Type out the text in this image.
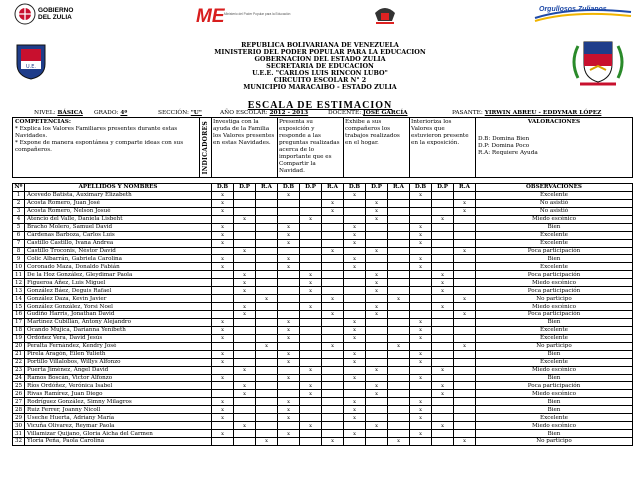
GOBIERNO DEL ZULIA	ME Ministerio del Poder Popular para la Educación
Orgullosos Zulianos
U.E.
REPUBLICA BOLIVARIANA DE VENEZUELA
MINISTERIO DEL PODER POPULAR PARA LA EDUCACION
GOBERNACION DEL ESTADO ZULIA
SECRETARIA DE EDUCACION
U.E.E. "CARLOS LUIS RINCON LUBO"
CIRCUITO ESCOLAR N° 2
MUNICIPIO MARACAIBO - ESTADO ZULIA
ESCALA DE ESTIMACION
NIVEL: BÁSICA GRADO: 4º	SECCIÓN: "U"	AÑO ESCOLAR: 2012 - 2013	DOCENTE: JOSÉ GARCÍA	PASANTE: YIRWIN ABREU - EDDYMAR LÓPEZ
COMPETENCIAS:
* Explica los Valores Familiares presentes durante estas Navidades.
* Expone de manera espontánea y comparte ideas con sus compañeros.	INDICADORES	Investiga con la ayuda de la Familia los Valores presentes en estas Navidades.	Presenta su exposición y responde a las preguntas realizadas acerca de lo importante que es Compartir la Navidad.	Exhibe a sus compañeros los trabajos realizados en el hogar.	Interioriza los Valores que estuvieron presente en la exposición.	
VALORACIONES
D.B: Domina Bien
D.P: Domina Poco
R.A: Requiere Ayuda
Nº	APELLIDOS Y NOMBRES	D.B	D.P	R.A	D.B	D.P	R.A	D.B	D.P	R.A	D.B	D.P	R.A	OBSERVACIONES
1	Acevedo Batista, Auximary Elizabeth	x			x			x			x			Excelente
2	Acosta Romero, Juan José	x					x		x				x	No asistió
3	Acosta Romero, Nelson Josué	x					x		x				x	No asistió
4	Atencio del Valle, Daniela Lisbeht		x			x			x			x		Miedo escénico
5	Bracho Molero, Samuel David	x			x			x			x			Bien
6	Cárdenas Barboza, Carlos Luis	x			x			x			x			Excelente
7	Castillo Castillo, Ivana Andrea	x			x			x			x			Excelente
8	Castillo Troconis, Néstor David		x				x		x				x	Poca participación
9	Colic Albarrán, Gabriela Carolina	x			x			x			x			Bien
10	Coronado Maza, Donaldo Fabián	x			x			x			x			Excelente
11	De la Hoz González, Gleydimar Paola		x			x			x			x		Poca participación
12	Figueroa Añez, Luis Miguel		x			x			x			x		Miedo escénico
13	González Báez, Deguis Rafael		x			x			x			x		Poca participación
14	González Daza, Kevin Javier			x			x			x			x	No participo
15	González González, Yorsi Noel		x			x			x			x		Miedo escénico
16	Gudiño Harris, Jonathan David		x				x		x				x	Poca participación
17	Martínez Cubillán, Antony Alejandro	x			x			x			x			Bien
18	Ocando Mujica, Darianna Yenibeth	x			x			x			x			Excelente
19	Ordóñez Vera, David Jesús	x			x			x			x			Excelente
20	Peralta Fernández, Kendry José			x			x			x			x	No participo
21	Pirela Aragón, Eilen Yulieth	x			x			x			x			Bien
22	Portillo Villalobos, Willys Alfonzo	x			x			x			x			Excelente
23	Puerta Jiménez, Ángel David		x			x			x			x		Miedo escénico
24	Ramos Boscán, Victor Alfonzo	x			x			x			x			Bien
25	Ríos Ordóñez, Verónica Isabel		x			x			x			x		Poca participación
26	Rivas Ramírez, Juan Diego		x			x			x			x		Miedo escénico
27	Rodríguez González, Simny Milagros	x			x			x			x			Bien
28	Ruiz Ferrer, Joanny Nicoll	x			x			x			x			Bien
29	Useche Huerta, Adriany María	x			x			x			x			Excelente
30	Vicuña Olivarez, Reymar Paola		x			x			x			x		Miedo escénico
31	Villamizar Quijano, Gloria Aicha del Carmen	x			x			x			x			Bien
32	Yloria Peña, Paola Carolina			x			x			x			x	No participo
